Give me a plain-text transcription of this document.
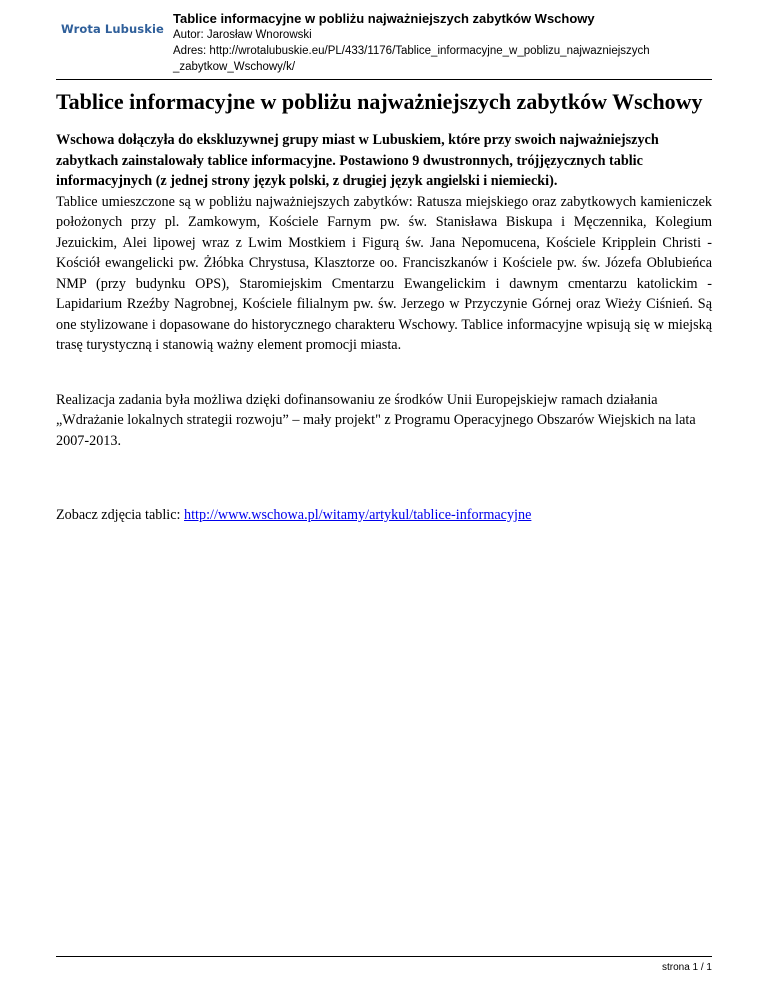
Wrota Lubuskie
Tablice informacyjne w pobliżu najważniejszych zabytków Wschowy
Autor: Jarosław Wnorowski
Adres: http://wrotalubuskie.eu/PL/433/1176/Tablice_informacyjne_w_poblizu_najwazniejszych
_zabytkow_Wschowy/k/
Tablice informacyjne w pobliżu najważniejszych zabytków Wschowy

Wschowa dołączyła do ekskluzywnej grupy miast w Lubuskiem, które przy swoich najważniejszych zabytkach zainstalowały tablice informacyjne. Postawiono 9 dwustronnych, trójjęzycznych tablic informacyjnych (z jednej strony język polski, z drugiej język angielski i niemiecki).

Tablice umieszczone są w pobliżu najważniejszych zabytków: Ratusza miejskiego oraz zabytkowych kamieniczek położonych przy pl. Zamkowym, Kościele Farnym pw. św. Stanisława Biskupa i Męczennika, Kolegium Jezuickim, Alei lipowej wraz z Lwim Mostkiem i Figurą św. Jana Nepomucena, Kościele Kripplein Christi - Kościół ewangelicki pw. Żłóbka Chrystusa, Klasztorze oo. Franciszkanów i Kościele pw. św. Józefa Oblubieńca NMP (przy budynku OPS), Staromiejskim Cmentarzu Ewangelickim i dawnym cmentarzu katolickim - Lapidarium Rzeźby Nagrobnej, Kościele filialnym pw. św. Jerzego w Przyczynie Górnej oraz Wieży Ciśnień. Są one stylizowane i dopasowane do historycznego charakteru Wschowy. Tablice informacyjne wpisują się w miejską trasę turystyczną i stanowią ważny element promocji miasta.

Realizacja zadania była możliwa dzięki dofinansowaniu ze środków Unii Europejskiejw ramach działania „Wdrażanie lokalnych strategii rozwoju” – mały projekt" z Programu Operacyjnego Obszarów Wiejskich na lata 2007-2013.

Zobacz zdjęcia tablic: http://www.wschowa.pl/witamy/artykul/tablice-informacyjne

strona 1 / 1
